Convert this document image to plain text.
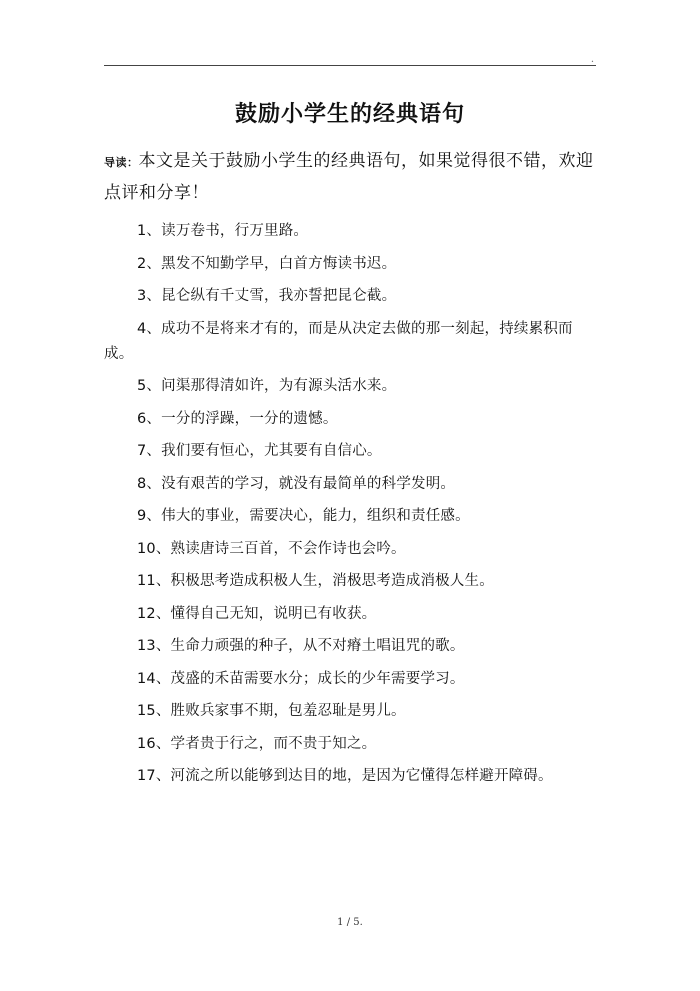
.
鼓励小学生的经典语句
导读：本文是关于鼓励小学生的经典语句，如果觉得很不错，欢迎点评和分享！
1、读万卷书，行万里路。
2、黑发不知勤学早，白首方悔读书迟。
3、昆仑纵有千丈雪，我亦誓把昆仑截。
4、成功不是将来才有的，而是从决定去做的那一刻起，持续累积而成。
5、问渠那得清如许，为有源头活水来。
6、一分的浮躁，一分的遗憾。
7、我们要有恒心，尤其要有自信心。
8、没有艰苦的学习，就没有最简单的科学发明。
9、伟大的事业，需要决心，能力，组织和责任感。
10、熟读唐诗三百首，不会作诗也会吟。
11、积极思考造成积极人生，消极思考造成消极人生。
12、懂得自己无知，说明已有收获。
13、生命力顽强的种子，从不对瘠土唱诅咒的歌。
14、茂盛的禾苗需要水分；成长的少年需要学习。
15、胜败兵家事不期，包羞忍耻是男儿。
16、学者贵于行之，而不贵于知之。
17、河流之所以能够到达目的地，是因为它懂得怎样避开障碍。
1 / 5.
